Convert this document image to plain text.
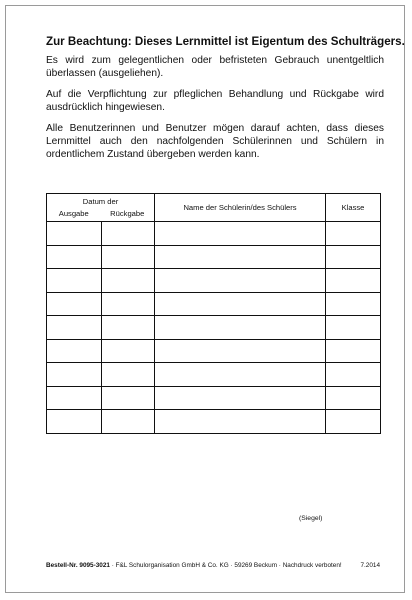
Zur Beachtung: Dieses Lernmittel ist Eigentum des Schulträgers.

Es wird zum gelegentlichen oder befristeten Gebrauch unentgeltlich überlassen (ausgeliehen).

Auf die Verpflichtung zur pfleglichen Behandlung und Rückgabe wird ausdrücklich hingewiesen.

Alle Benutzerinnen und Benutzer mögen darauf achten, dass dieses Lernmittel auch den nachfolgenden Schülerinnen und Schülern in ordentlichem Zustand übergeben werden kann.

Datum der
Ausgabe Rückgabe		Name der Schülerin/des Schülers	Klasse

(Siegel)
Bestell-Nr. 9095-3021 · F&L Schulorganisation GmbH & Co. KG · 59269 Beckum · Nachdruck verboten!	7.2014
